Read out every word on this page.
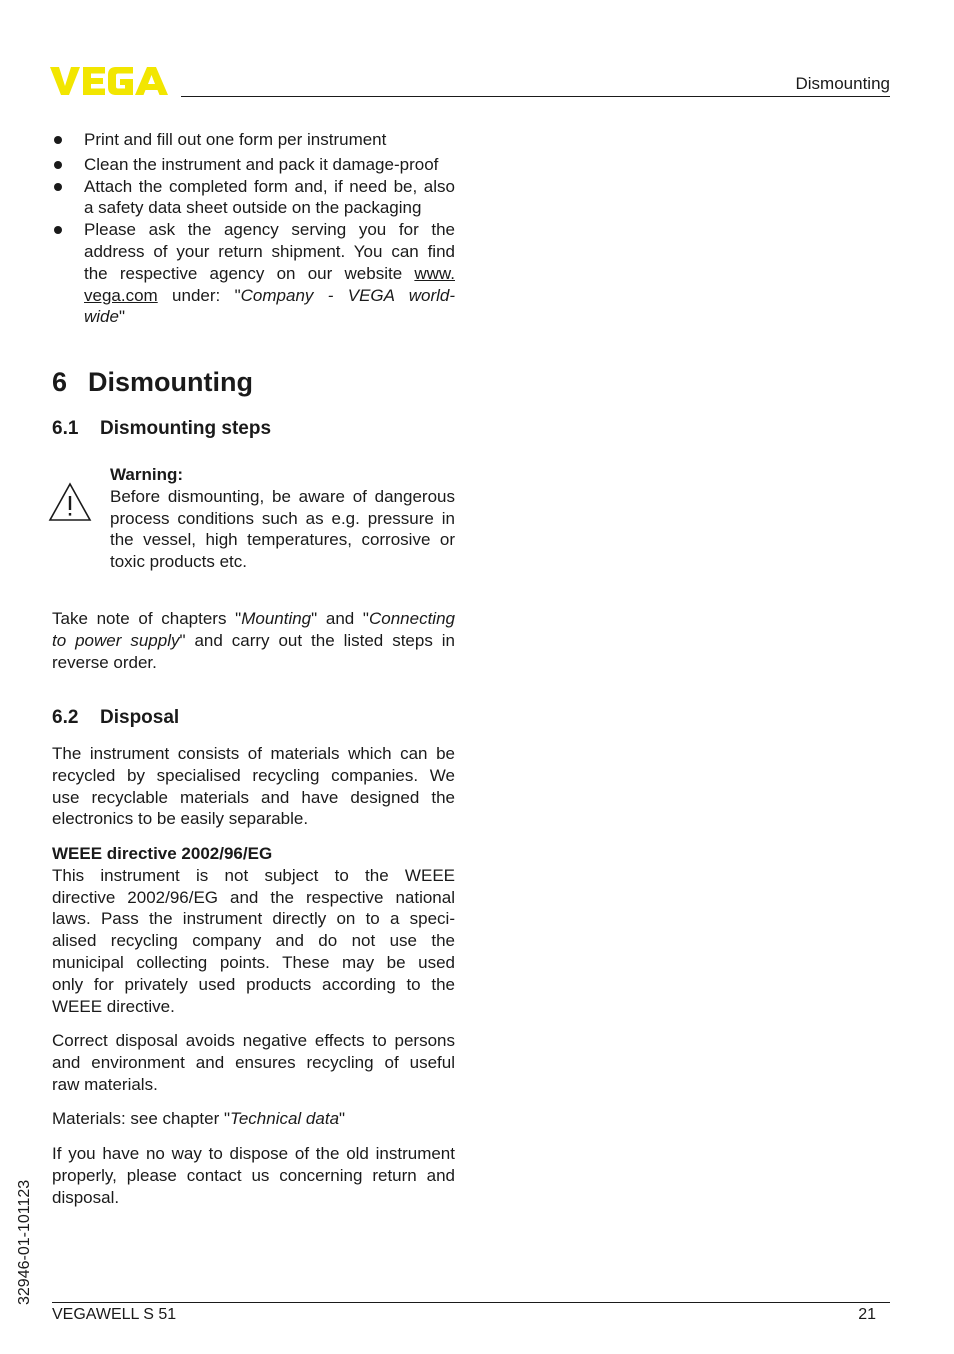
Dismounting
Print and fill out one form per instrument
Clean the instrument and pack it damage-proof
Attach the completed form and, if need be, also
a safety data sheet outside on the packaging
Please ask the agency serving you for the
address of your return shipment. You can find
the respective agency on our website www.
vega.com under: "Company - VEGA world-
wide"
6 Dismounting
6.1 Dismounting steps
Warning:
Before dismounting, be aware of dangerous
process conditions such as e.g. pressure in
the vessel, high temperatures, corrosive or
toxic products etc.
Take note of chapters "Mounting" and "Connecting
to power supply" and carry out the listed steps in
reverse order.
6.2 Disposal
The instrument consists of materials which can be
recycled by specialised recycling companies. We
use recyclable materials and have designed the
electronics to be easily separable.
WEEE directive 2002/96/EG
This instrument is not subject to the WEEE
directive 2002/96/EG and the respective national
laws. Pass the instrument directly on to a speci-
alised recycling company and do not use the
municipal collecting points. These may be used
only for privately used products according to the
WEEE directive.
Correct disposal avoids negative effects to persons
and environment and ensures recycling of useful
raw materials.
Materials: see chapter "Technical data"
If you have no way to dispose of the old instrument
properly, please contact us concerning return and
disposal.
32946-01-101123
VEGAWELL S 51	21
